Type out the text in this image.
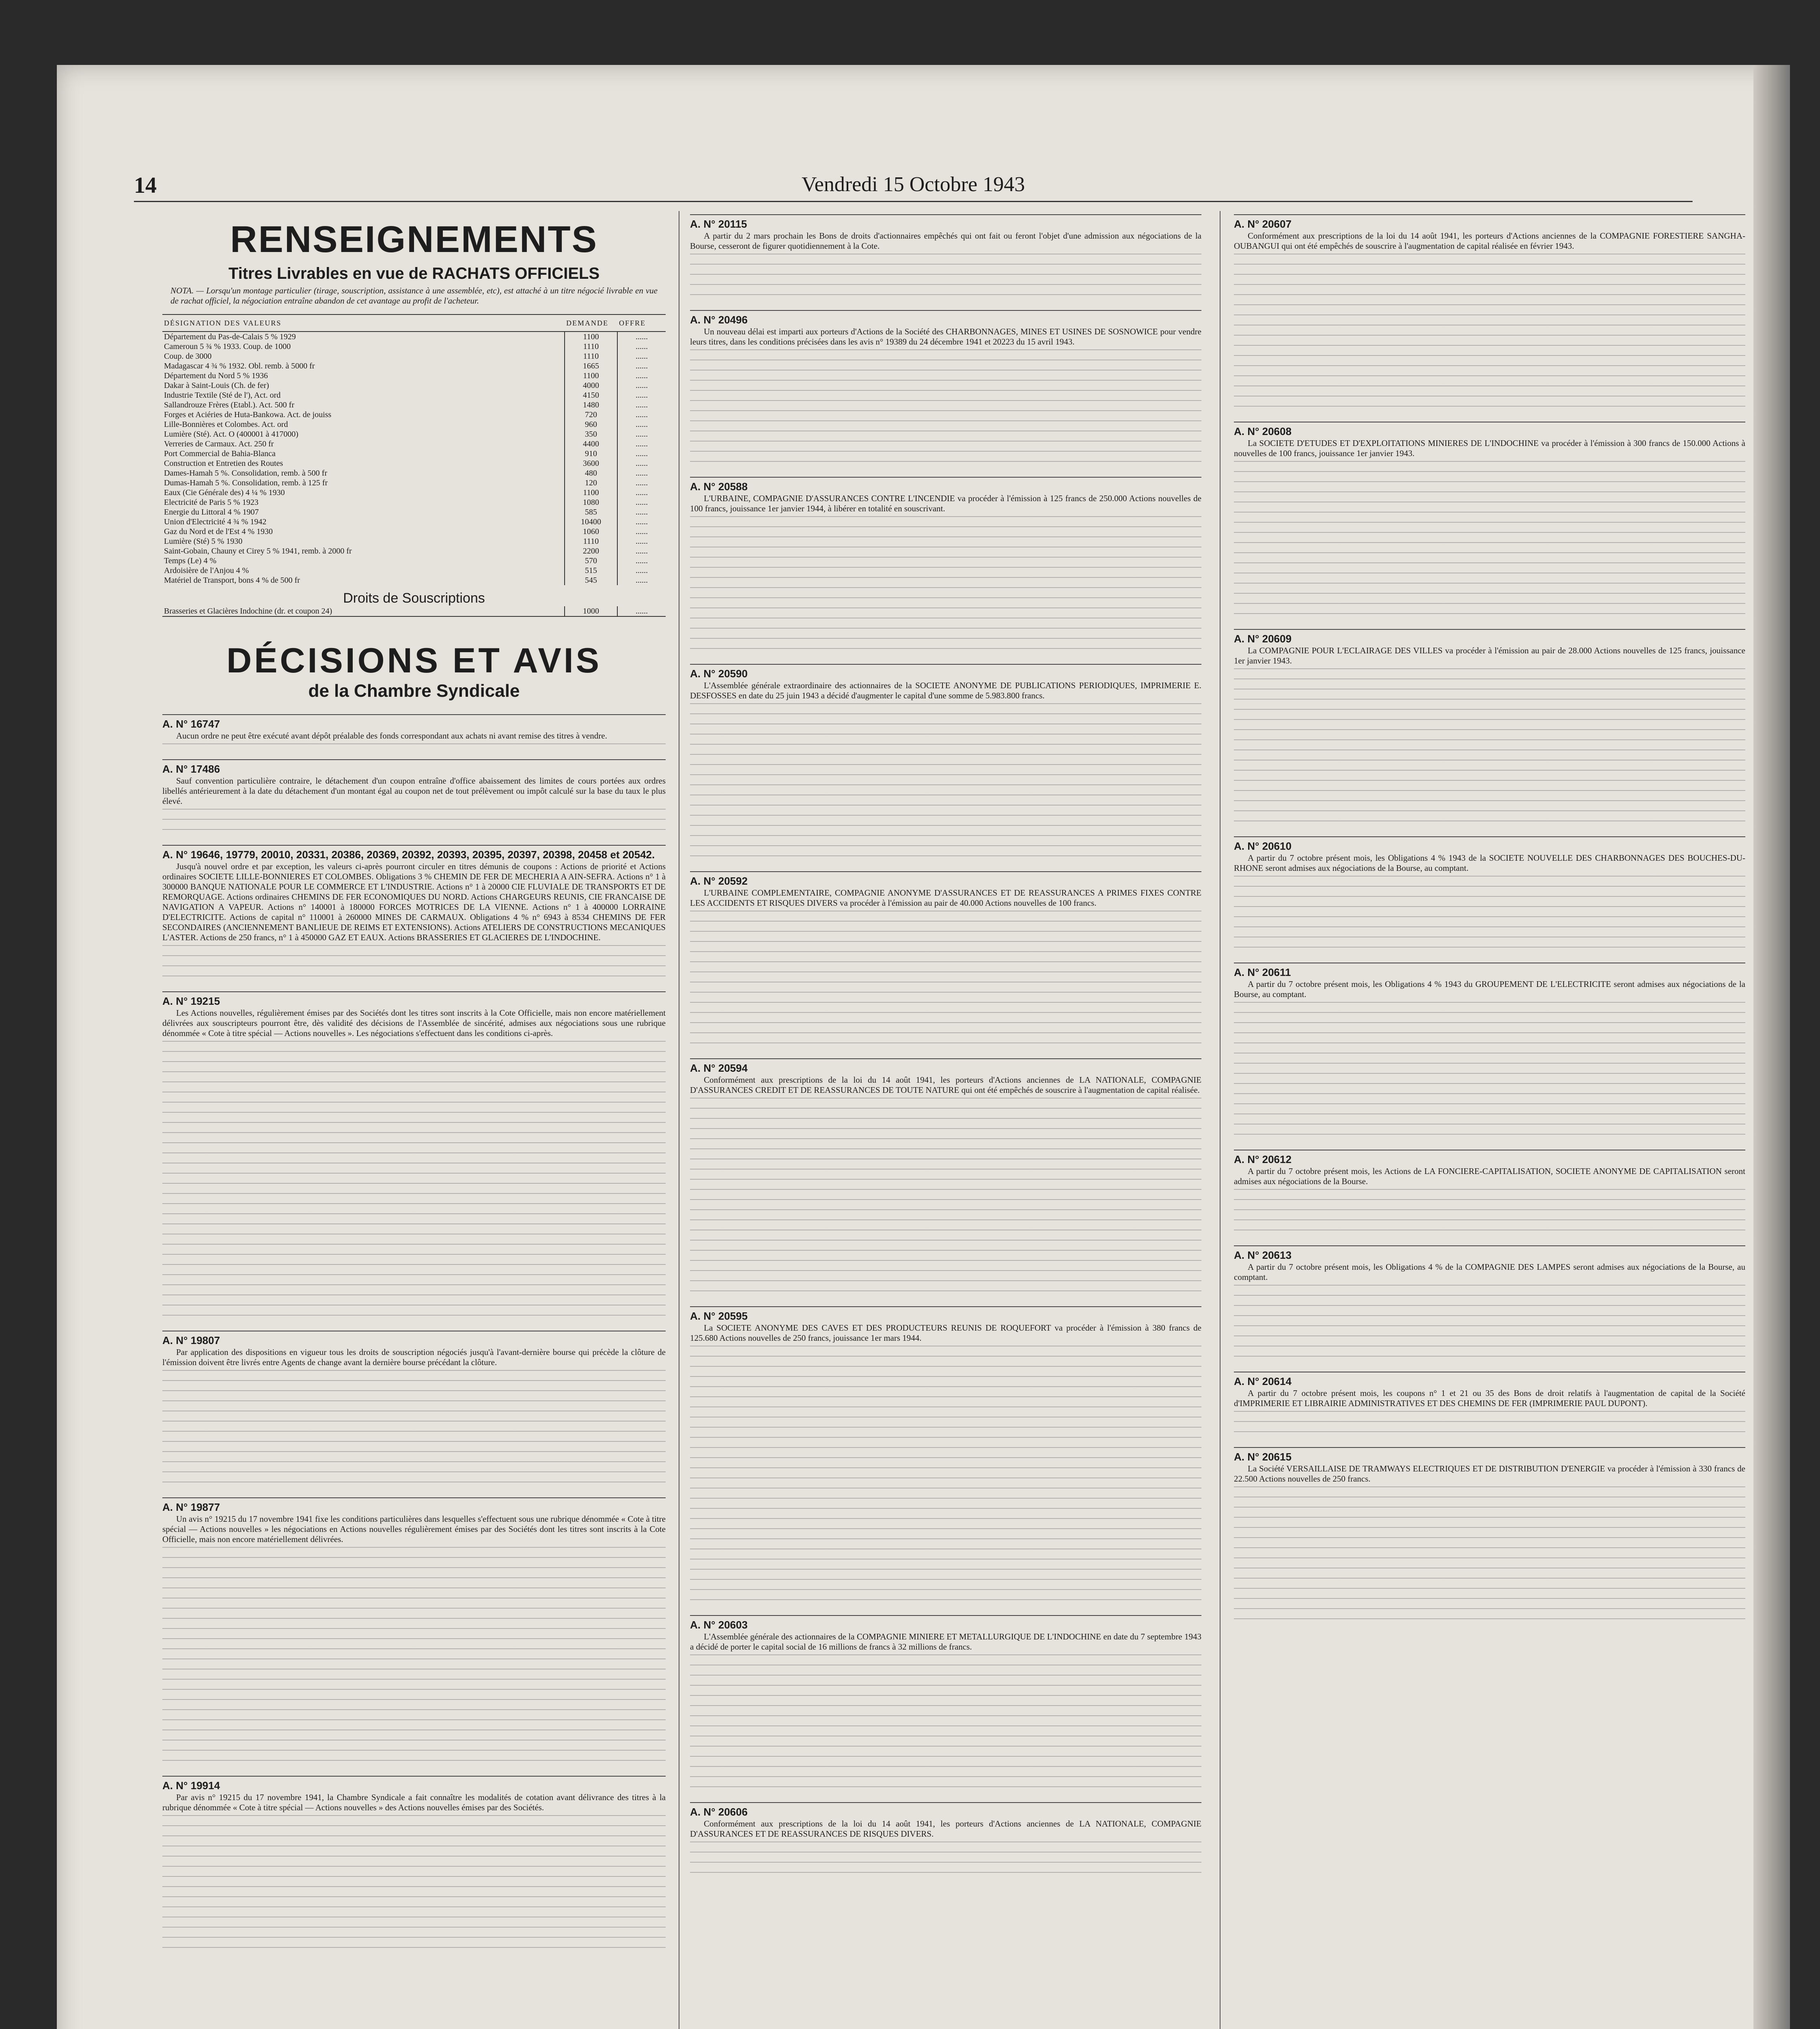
14	Vendredi 15 Octobre 1943
RENSEIGNEMENTS
Titres Livrables en vue de RACHATS OFFICIELS
NOTA. — Lorsqu'un montage particulier (tirage, souscription, assistance à une assemblée, etc), est attaché à un titre négocié livrable en vue de rachat officiel, la négociation entraîne abandon de cet avantage au profit de l'acheteur.
DÉSIGNATION DES VALEURS	DEMANDE	OFFRE
Département du Pas-de-Calais 5 % 1929	1100	......
Cameroun 5 ¾ % 1933. Coup. de 1000	1110	......
Coup. de 3000	1110	......
Madagascar 4 ¾ % 1932. Obl. remb. à 5000 fr	1665	......
Département du Nord 5 % 1936	1100	......
Dakar à Saint-Louis (Ch. de fer)	4000	......
Industrie Textile (Sté de l'), Act. ord	4150	......
Sallandrouze Frères (Etabl.). Act. 500 fr	1480	......
Forges et Aciéries de Huta-Bankowa. Act. de jouiss	720	......
Lille-Bonnières et Colombes. Act. ord	960	......
Lumière (Sté). Act. O (400001 à 417000)	350	......
Verreries de Carmaux. Act. 250 fr	4400	......
Port Commercial de Bahia-Blanca	910	......
Construction et Entretien des Routes	3600	......
Dames-Hamah 5 %. Consolidation, remb. à 500 fr	480	......
Dumas-Hamah 5 %. Consolidation, remb. à 125 fr	120	......
Eaux (Cie Générale des) 4 ¼ % 1930	1100	......
Electricité de Paris 5 % 1923	1080	......
Energie du Littoral 4 % 1907	585	......
Union d'Electricité 4 ¾ % 1942	10400	......
Gaz du Nord et de l'Est 4 % 1930	1060	......
Lumière (Sté) 5 % 1930	1110	......
Saint-Gobain, Chauny et Cirey 5 % 1941, remb. à 2000 fr	2200	......
Temps (Le) 4 %	570	......
Ardoisière de l'Anjou 4 %	515	......
Matériel de Transport, bons 4 % de 500 fr	545	......
Droits de Souscriptions		
Brasseries et Glacières Indochine (dr. et coupon 24)	1000	......
DÉCISIONS ET AVIS
de la Chambre Syndicale
A. N° 16747

Aucun ordre ne peut être exécuté avant dépôt préalable des fonds correspondant aux achats ni avant remise des titres à vendre.

A. N° 17486

Sauf convention particulière contraire, le détachement d'un coupon entraîne d'office abaissement des limites de cours portées aux ordres libellés antérieurement à la date du détachement d'un montant égal au coupon net de tout prélèvement ou impôt calculé sur la base du taux le plus élevé.

A. N° 19646, 19779, 20010, 20331, 20386, 20369, 20392, 20393, 20395, 20397, 20398, 20458 et 20542.

Jusqu'à nouvel ordre et par exception, les valeurs ci-après pourront circuler en titres démunis de coupons : Actions de priorité et Actions ordinaires SOCIETE LILLE-BONNIERES ET COLOMBES. Obligations 3 % CHEMIN DE FER DE MECHERIA A AIN-SEFRA. Actions n° 1 à 300000 BANQUE NATIONALE POUR LE COMMERCE ET L'INDUSTRIE. Actions n° 1 à 20000 CIE FLUVIALE DE TRANSPORTS ET DE REMORQUAGE. Actions ordinaires CHEMINS DE FER ECONOMIQUES DU NORD. Actions CHARGEURS REUNIS, CIE FRANCAISE DE NAVIGATION A VAPEUR. Actions n° 140001 à 180000 FORCES MOTRICES DE LA VIENNE. Actions n° 1 à 400000 LORRAINE D'ELECTRICITE. Actions de capital n° 110001 à 260000 MINES DE CARMAUX. Obligations 4 % n° 6943 à 8534 CHEMINS DE FER SECONDAIRES (ANCIENNEMENT BANLIEUE DE REIMS ET EXTENSIONS). Actions ATELIERS DE CONSTRUCTIONS MECANIQUES L'ASTER. Actions de 250 francs, n° 1 à 450000 GAZ ET EAUX. Actions BRASSERIES ET GLACIERES DE L'INDOCHINE.

A. N° 19215

Les Actions nouvelles, régulièrement émises par des Sociétés dont les titres sont inscrits à la Cote Officielle, mais non encore matériellement délivrées aux souscripteurs pourront être, dès validité des décisions de l'Assemblée de sincérité, admises aux négociations sous une rubrique dénommée « Cote à titre spécial — Actions nouvelles ». Les négociations s'effectuent dans les conditions ci-après.

A. N° 19807

Par application des dispositions en vigueur tous les droits de souscription négociés jusqu'à l'avant-dernière bourse qui précède la clôture de l'émission doivent être livrés entre Agents de change avant la dernière bourse précédant la clôture.

A. N° 19877

Un avis n° 19215 du 17 novembre 1941 fixe les conditions particulières dans lesquelles s'effectuent sous une rubrique dénommée « Cote à titre spécial — Actions nouvelles » les négociations en Actions nouvelles régulièrement émises par des Sociétés dont les titres sont inscrits à la Cote Officielle, mais non encore matériellement délivrées.

A. N° 19914

Par avis n° 19215 du 17 novembre 1941, la Chambre Syndicale a fait connaître les modalités de cotation avant délivrance des titres à la rubrique dénommée « Cote à titre spécial — Actions nouvelles » des Actions nouvelles émises par des Sociétés.

A. N° 20115

A partir du 2 mars prochain les Bons de droits d'actionnaires empêchés qui ont fait ou feront l'objet d'une admission aux négociations de la Bourse, cesseront de figurer quotidiennement à la Cote.

A. N° 20496

Un nouveau délai est imparti aux porteurs d'Actions de la Société des CHARBONNAGES, MINES ET USINES DE SOSNOWICE pour vendre leurs titres, dans les conditions précisées dans les avis n° 19389 du 24 décembre 1941 et 20223 du 15 avril 1943.

A. N° 20588

L'URBAINE, COMPAGNIE D'ASSURANCES CONTRE L'INCENDIE va procéder à l'émission à 125 francs de 250.000 Actions nouvelles de 100 francs, jouissance 1er janvier 1944, à libérer en totalité en souscrivant.

A. N° 20590

L'Assemblée générale extraordinaire des actionnaires de la SOCIETE ANONYME DE PUBLICATIONS PERIODIQUES, IMPRIMERIE E. DESFOSSES en date du 25 juin 1943 a décidé d'augmenter le capital d'une somme de 5.983.800 francs.

A. N° 20592

L'URBAINE COMPLEMENTAIRE, COMPAGNIE ANONYME D'ASSURANCES ET DE REASSURANCES A PRIMES FIXES CONTRE LES ACCIDENTS ET RISQUES DIVERS va procéder à l'émission au pair de 40.000 Actions nouvelles de 100 francs.

A. N° 20594

Conformément aux prescriptions de la loi du 14 août 1941, les porteurs d'Actions anciennes de LA NATIONALE, COMPAGNIE D'ASSURANCES CREDIT ET DE REASSURANCES DE TOUTE NATURE qui ont été empêchés de souscrire à l'augmentation de capital réalisée.

A. N° 20595

La SOCIETE ANONYME DES CAVES ET DES PRODUCTEURS REUNIS DE ROQUEFORT va procéder à l'émission à 380 francs de 125.680 Actions nouvelles de 250 francs, jouissance 1er mars 1944.

A. N° 20603

L'Assemblée générale des actionnaires de la COMPAGNIE MINIERE ET METALLURGIQUE DE L'INDOCHINE en date du 7 septembre 1943 a décidé de porter le capital social de 16 millions de francs à 32 millions de francs.

A. N° 20606

Conformément aux prescriptions de la loi du 14 août 1941, les porteurs d'Actions anciennes de LA NATIONALE, COMPAGNIE D'ASSURANCES ET DE REASSURANCES DE RISQUES DIVERS.

A. N° 20607

Conformément aux prescriptions de la loi du 14 août 1941, les porteurs d'Actions anciennes de la COMPAGNIE FORESTIERE SANGHA-OUBANGUI qui ont été empêchés de souscrire à l'augmentation de capital réalisée en février 1943.

A. N° 20608

La SOCIETE D'ETUDES ET D'EXPLOITATIONS MINIERES DE L'INDOCHINE va procéder à l'émission à 300 francs de 150.000 Actions à nouvelles de 100 francs, jouissance 1er janvier 1943.

A. N° 20609

La COMPAGNIE POUR L'ECLAIRAGE DES VILLES va procéder à l'émission au pair de 28.000 Actions nouvelles de 125 francs, jouissance 1er janvier 1943.

A. N° 20610

A partir du 7 octobre présent mois, les Obligations 4 % 1943 de la SOCIETE NOUVELLE DES CHARBONNAGES DES BOUCHES-DU-RHONE seront admises aux négociations de la Bourse, au comptant.

A. N° 20611

A partir du 7 octobre présent mois, les Obligations 4 % 1943 du GROUPEMENT DE L'ELECTRICITE seront admises aux négociations de la Bourse, au comptant.

A. N° 20612

A partir du 7 octobre présent mois, les Actions de LA FONCIERE-CAPITALISATION, SOCIETE ANONYME DE CAPITALISATION seront admises aux négociations de la Bourse.

A. N° 20613

A partir du 7 octobre présent mois, les Obligations 4 % de la COMPAGNIE DES LAMPES seront admises aux négociations de la Bourse, au comptant.

A. N° 20614

A partir du 7 octobre présent mois, les coupons n° 1 et 21 ou 35 des Bons de droit relatifs à l'augmentation de capital de la Société d'IMPRIMERIE ET LIBRAIRIE ADMINISTRATIVES ET DES CHEMINS DE FER (IMPRIMERIE PAUL DUPONT).

A. N° 20615

La Société VERSAILLAISE DE TRAMWAYS ELECTRIQUES ET DE DISTRIBUTION D'ENERGIE va procéder à l'émission à 330 francs de 22.500 Actions nouvelles de 250 francs.
